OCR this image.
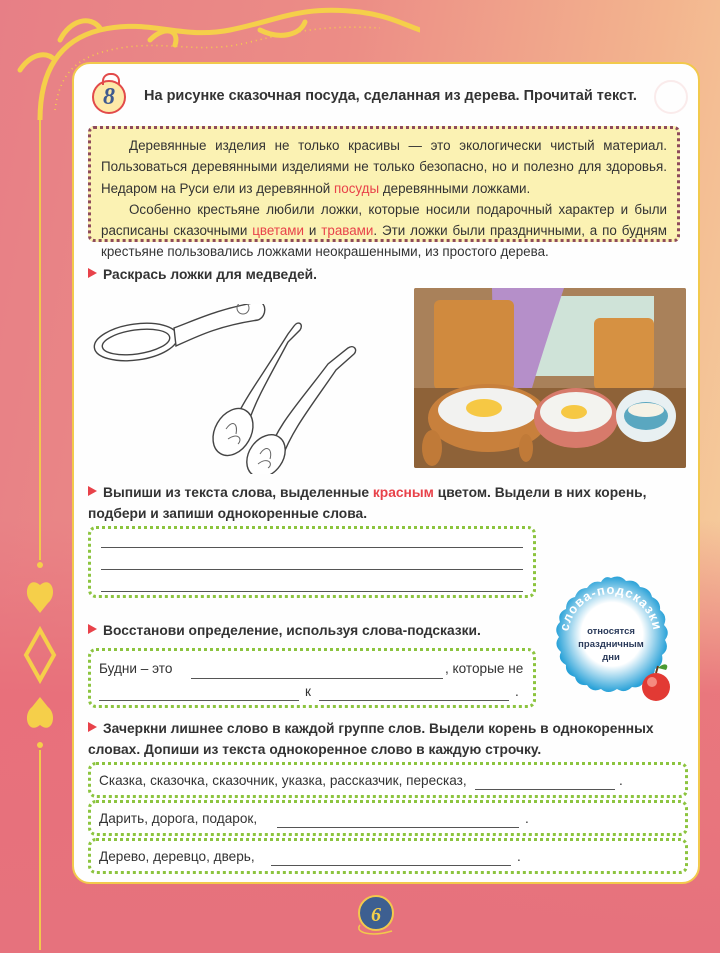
8 На рисунке сказочная посуда, сделанная из дерева. Прочитай текст.

Деревянные изделия не только красивы — это экологически чистый материал. Пользоваться деревянными изделиями не только безопасно, но и полезно для здоровья. Недаром на Руси ели из деревянной посуды деревянными ложками.

Особенно крестьяне любили ложки, которые носили подарочный характер и были расписаны сказочными цветами и травами. Эти ложки были праздничными, а по будням крестьяне пользовались ложками неокрашенными, из простого дерева.

Раскрась ложки для медведей.
Выпиши из текста слова, выделенные красным цветом. Выдели в них корень, подбери и запиши однокоренные слова.
Восстанови определение, используя слова-подсказки.
Будни – это	, которые не
к	.
слова-подсказки
относятся
праздничным
дни
Зачеркни лишнее слово в каждой группе слов. Выдели корень в однокоренных словах. Допиши из текста однокоренное слово в каждую строчку.
Сказка, сказочка, сказочник, указка, рассказчик, пересказ,	.
Дарить, дорога, подарок,	.
Дерево, деревцо, дверь,	.
6
